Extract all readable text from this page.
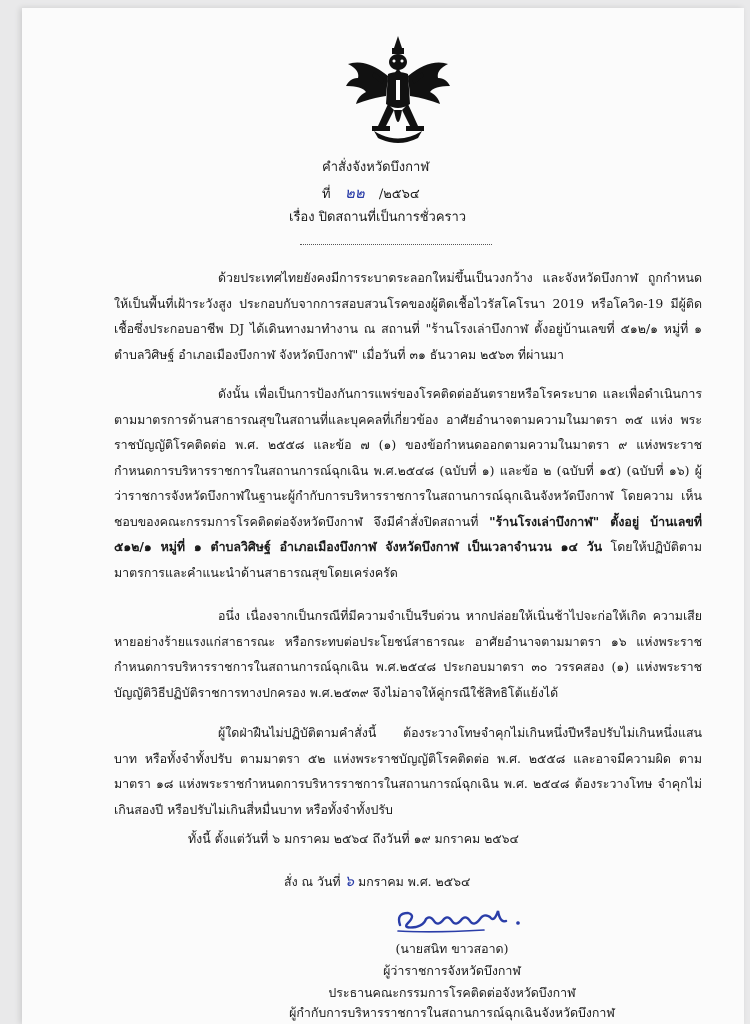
คำสั่งจังหวัดบึงกาฬ
ที่ ๒๒ /๒๕๖๔
เรื่อง ปิดสถานที่เป็นการชั่วคราว

ด้วยประเทศไทยยังคงมีการระบาดระลอกใหม่ขึ้นเป็นวงกว้าง และจังหวัดบึงกาฬ ถูกกำหนดให้เป็นพื้นที่เฝ้าระวังสูง ประกอบกับจากการสอบสวนโรคของผู้ติดเชื้อไวรัสโคโรนา 2019 หรือโควิด-19 มีผู้ติดเชื้อซึ่งประกอบอาชีพ DJ ได้เดินทางมาทำงาน ณ สถานที่ "ร้านโรงเล่าบึงกาฬ ตั้งอยู่บ้านเลขที่ ๕๑๒/๑ หมู่ที่ ๑ ตำบลวิศิษฐ์ อำเภอเมืองบึงกาฬ จังหวัดบึงกาฬ" เมื่อวันที่ ๓๑ ธันวาคม ๒๕๖๓ ที่ผ่านมา

ดังนั้น เพื่อเป็นการป้องกันการแพร่ของโรคติดต่ออันตรายหรือโรคระบาด และเพื่อดำเนินการ ตามมาตรการด้านสาธารณสุขในสถานที่และบุคคลที่เกี่ยวข้อง อาศัยอำนาจตามความในมาตรา ๓๕ แห่ง พระราชบัญญัติโรคติดต่อ พ.ศ. ๒๕๕๘ และข้อ ๗ (๑) ของข้อกำหนดออกตามความในมาตรา ๙ แห่งพระราช กำหนดการบริหารราชการในสถานการณ์ฉุกเฉิน พ.ศ.๒๕๔๘ (ฉบับที่ ๑) และข้อ ๒ (ฉบับที่ ๑๕) (ฉบับที่ ๑๖) ผู้ว่าราชการจังหวัดบึงกาฬในฐานะผู้กำกับการบริหารราชการในสถานการณ์ฉุกเฉินจังหวัดบึงกาฬ โดยความ เห็นชอบของคณะกรรมการโรคติดต่อจังหวัดบึงกาฬ จึงมีคำสั่งปิดสถานที่ "ร้านโรงเล่าบึงกาฬ" ตั้งอยู่ บ้านเลขที่ ๕๑๒/๑ หมู่ที่ ๑ ตำบลวิศิษฐ์ อำเภอเมืองบึงกาฬ จังหวัดบึงกาฬ เป็นเวลาจำนวน ๑๔ วัน โดยให้ปฏิบัติตามมาตรการและคำแนะนำด้านสาธารณสุขโดยเคร่งครัด

อนึ่ง เนื่องจากเป็นกรณีที่มีความจำเป็นรีบด่วน หากปล่อยให้เนิ่นช้าไปจะก่อให้เกิด ความเสียหายอย่างร้ายแรงแก่สาธารณะ หรือกระทบต่อประโยชน์สาธารณะ อาศัยอำนาจตามมาตรา ๑๖ แห่งพระราชกำหนดการบริหารราชการในสถานการณ์ฉุกเฉิน พ.ศ.๒๕๔๘ ประกอบมาตรา ๓๐ วรรคสอง (๑) แห่งพระราชบัญญัติวิธีปฏิบัติราชการทางปกครอง พ.ศ.๒๕๓๙ จึงไม่อาจให้คู่กรณีใช้สิทธิโต้แย้งได้

ผู้ใดฝ่าฝืนไม่ปฏิบัติตามคำสั่งนี้ ต้องระวางโทษจำคุกไม่เกินหนึ่งปีหรือปรับไม่เกินหนึ่งแสนบาท หรือทั้งจำทั้งปรับ ตามมาตรา ๕๒ แห่งพระราชบัญญัติโรคติดต่อ พ.ศ. ๒๕๕๘ และอาจมีความผิด ตามมาตรา ๑๘ แห่งพระราชกำหนดการบริหารราชการในสถานการณ์ฉุกเฉิน พ.ศ. ๒๕๔๘ ต้องระวางโทษ จำคุกไม่เกินสองปี หรือปรับไม่เกินสี่หมื่นบาท หรือทั้งจำทั้งปรับ

ทั้งนี้ ตั้งแต่วันที่ ๖ มกราคม ๒๕๖๔ ถึงวันที่ ๑๙ มกราคม ๒๕๖๔
สั่ง ณ วันที่ ๖ มกราคม พ.ศ. ๒๕๖๔
(นายสนิท ขาวสอาด)
ผู้ว่าราชการจังหวัดบึงกาฬ
ประธานคณะกรรมการโรคติดต่อจังหวัดบึงกาฬ
ผู้กำกับการบริหารราชการในสถานการณ์ฉุกเฉินจังหวัดบึงกาฬ
